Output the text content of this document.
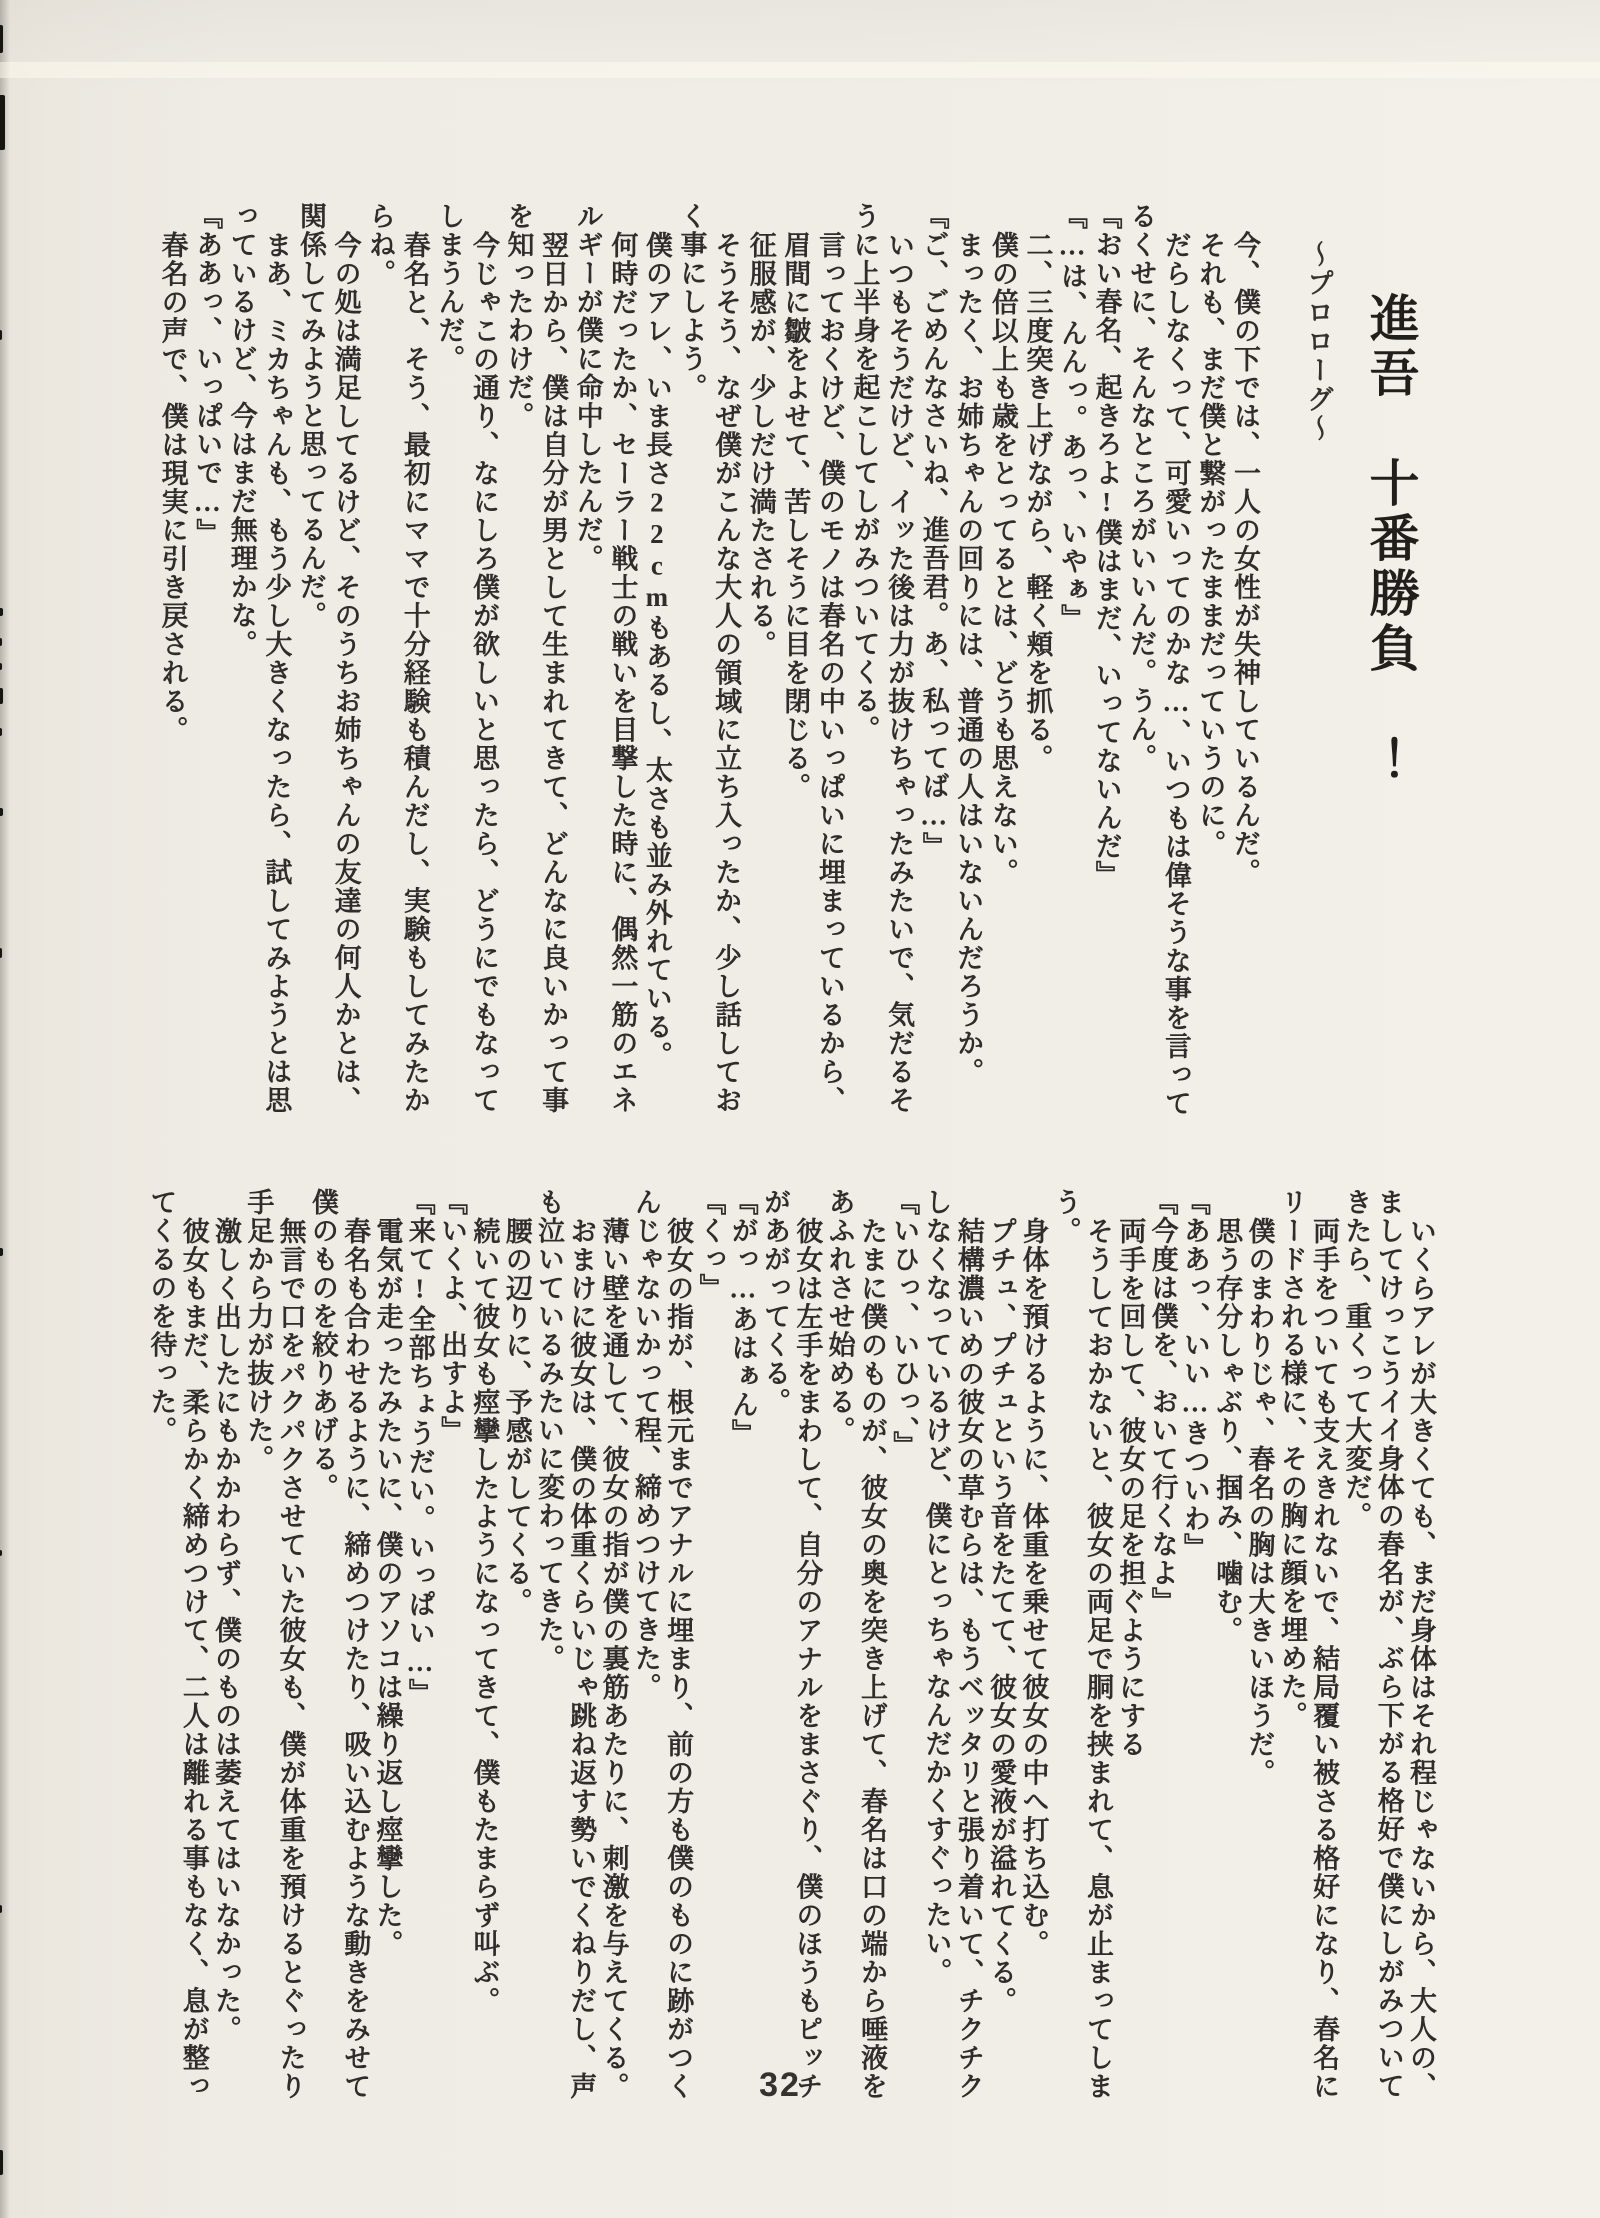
進吾　十番勝負　！
～プロローグ～

今、僕の下では、一人の女性が失神しているんだ。

それも、まだ僕と繋がったままだっていうのに。

だらしなくって、可愛いってのかな…、いつもは偉そうな事を言って

るくせに、そんなところがいいんだ。うん。

『おい春名、起きろよ!僕はまだ、いってないんだ』

『…は、んんっ。あっ、いやぁ』

二、三度突き上げながら、軽く頬を抓る。

僕の倍以上も歳をとってるとは、どうも思えない。

まったく、お姉ちゃんの回りには、普通の人はいないんだろうか。

『ご、ごめんなさいね、進吾君。あ、私ってば…』

いつもそうだけど、イッた後は力が抜けちゃったみたいで、気だるそ

うに上半身を起こしてしがみついてくる。

言っておくけど、僕のモノは春名の中いっぱいに埋まっているから、

眉間に皺をよせて、苦しそうに目を閉じる。

征服感が、少しだけ満たされる。

そうそう、なぜ僕がこんな大人の領域に立ち入ったか、少し話してお

く事にしよう。

僕のアレ、いま長さ22cmもあるし、太さも並み外れている。

何時だったか、セーラー戦士の戦いを目撃した時に、偶然一筋のエネ

ルギーが僕に命中したんだ。

翌日から、僕は自分が男として生まれてきて、どんなに良いかって事

を知ったわけだ。

今じゃこの通り、なにしろ僕が欲しいと思ったら、どうにでもなって

しまうんだ。

春名と、そう、最初にママで十分経験も積んだし、実験もしてみたか

らね。

今の処は満足してるけど、そのうちお姉ちゃんの友達の何人かとは、

関係してみようと思ってるんだ。

まあ、ミカちゃんも、もう少し大きくなったら、試してみようとは思

っているけど、今はまだ無理かな。

『ああっ、いっぱいで…』

春名の声で、僕は現実に引き戻される。

いくらアレが大きくても、まだ身体はそれ程じゃないから、大人の、

ましてけっこうイイ身体の春名が、ぶら下がる格好で僕にしがみついて

きたら、重くって大変だ。

両手をついても支えきれないで、結局覆い被さる格好になり、春名に

リードされる様に、その胸に顔を埋めた。

僕のまわりじゃ、春名の胸は大きいほうだ。

思う存分しゃぶり、掴み、噛む。

『ああっ、いい…きついわ』

『今度は僕を、おいて行くなよ』

両手を回して、彼女の足を担ぐようにする

そうしておかないと、彼女の両足で胴を挟まれて、息が止まってしま

う。

身体を預けるように、体重を乗せて彼女の中へ打ち込む。

プチュ、プチュという音をたてて、彼女の愛液が溢れてくる。

結構濃いめの彼女の草むらは、もうベッタリと張り着いて、チクチク

しなくなっているけど、僕にとっちゃなんだかくすぐったい。

『いひっ、いひっ、』

たまに僕のものが、彼女の奥を突き上げて、春名は口の端から唾液を

あふれさせ始める。

彼女は左手をまわして、自分のアナルをまさぐり、僕のほうもピッチ

があがってくる。

『がっ…あはぁん』

『くっ』

彼女の指が、根元までアナルに埋まり、前の方も僕のものに跡がつく

んじゃないかって程、締めつけてきた。

薄い壁を通して、彼女の指が僕の裏筋あたりに、刺激を与えてくる。

おまけに彼女は、僕の体重くらいじゃ跳ね返す勢いでくねりだし、声

も泣いているみたいに変わってきた。

腰の辺りに、予感がしてくる。

続いて彼女も痙攣したようになってきて、僕もたまらず叫ぶ。

『いくよ、出すよ』

『来て!全部ちょうだい。いっぱい…』

電気が走ったみたいに、僕のアソコは繰り返し痙攣した。

春名も合わせるように、締めつけたり、吸い込むような動きをみせて

僕のものを絞りあげる。

無言で口をパクパクさせていた彼女も、僕が体重を預けるとぐったり

手足から力が抜けた。

激しく出したにもかかわらず、僕のものは萎えてはいなかった。

彼女もまだ、柔らかく締めつけて、二人は離れる事もなく、息が整っ

てくるのを待った。

32
